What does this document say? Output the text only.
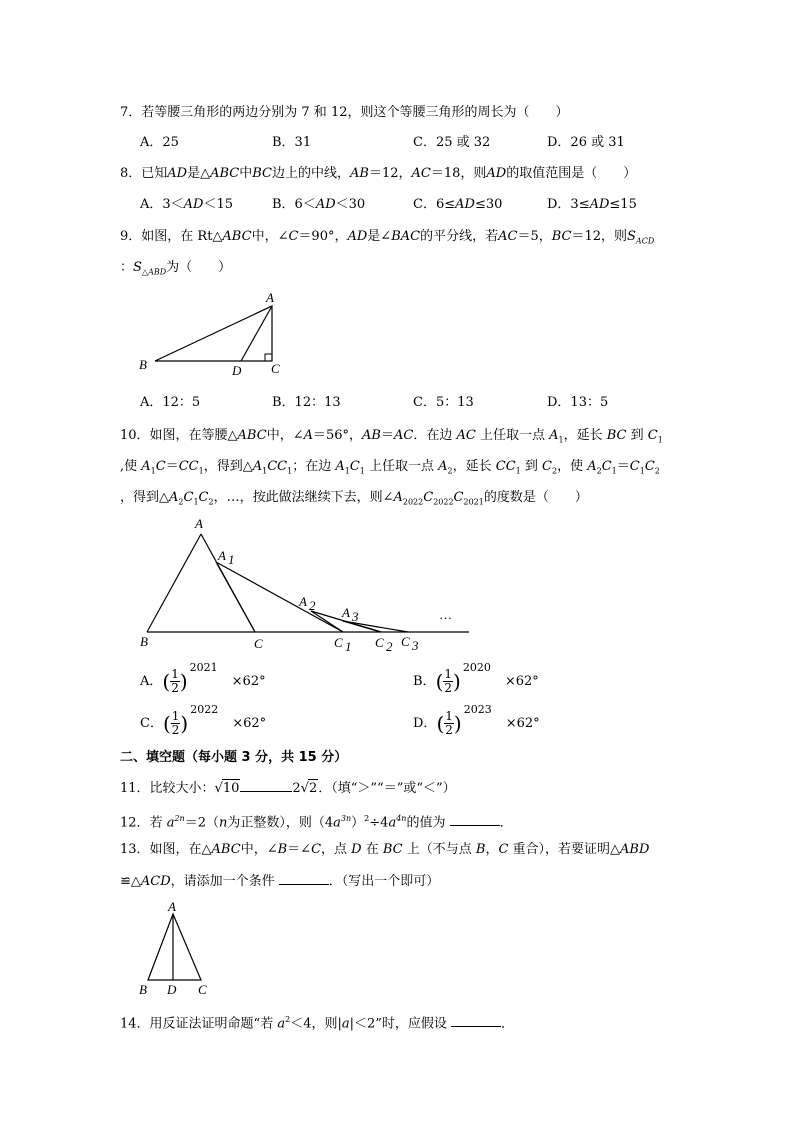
7．若等腰三角形的两边分别为 7 和 12，则这个等腰三角形的周长为（　　）
A．25	B．31	C．25 或 32	D．26 或 31
8．已知AD是△ABC中BC边上的中线，AB＝12，AC＝18，则AD的取值范围是（　　）
A．3＜AD＜15	B．6＜AD＜30	C．6≤AD≤30	D．3≤AD≤15
9．如图，在 Rt△ABC中，∠C＝90°，AD是∠BAC的平分线，若AC＝5，BC＝12，则$S_{ACD}$
：$S_{\triangle ABD}$为（　　）
A
B	C
D
A．12：5	B．12：13	C．5：13	D．13：5
10．如图，在等腰△ABC中，∠A＝56°，AB＝AC．在边 AC 上任取一点 $A_1$，延长 BC 到 $C_1$
,使 $A_1C=CC_1$，得到$\triangle A_1CC_1$；在边 $A_1C_1$ 上任取一点 $A_2$，延长 $CC_1$ 到 $C_2$，使 $A_2C_1=C_1C_2$
，得到$\triangle A_2C_1C_2$，…，按此做法继续下去，则$\angle A_{2022}C_{2022}C_{2021}$的度数是（　　）
A
A 1
A 2 A 3	…
B	C	C 1 C 2 C 3
A．( $\frac{1}{2} )^{2021}\times 62^\circ$	B．( $\frac{1}{2} )^{2020}\times 62^\circ$
C．( $\frac{1}{2} )^{2022}\times 62^\circ$	D．( $\frac{1}{2} )^{2023}\times 62^\circ$
二、填空题（每小题 3 分，共 15 分）
11．比较大小：√10	2√2．（填“＞”“＝”或“＜”）
12．若 $a^{2n}=2(n$为正整数），则$(4a^{3n})^2\div 4a^{4n}$的值为	．
13．如图，在△ABC中，∠B＝∠C，点 D 在 BC 上（不与点 B，C 重合），若要证明△ABD
≌△ACD，请添加一个条件	．（写出一个即可）
A
B D C
14．用反证法证明命题“若 $a^2<4$，则|a|＜2”时，应假设	．
